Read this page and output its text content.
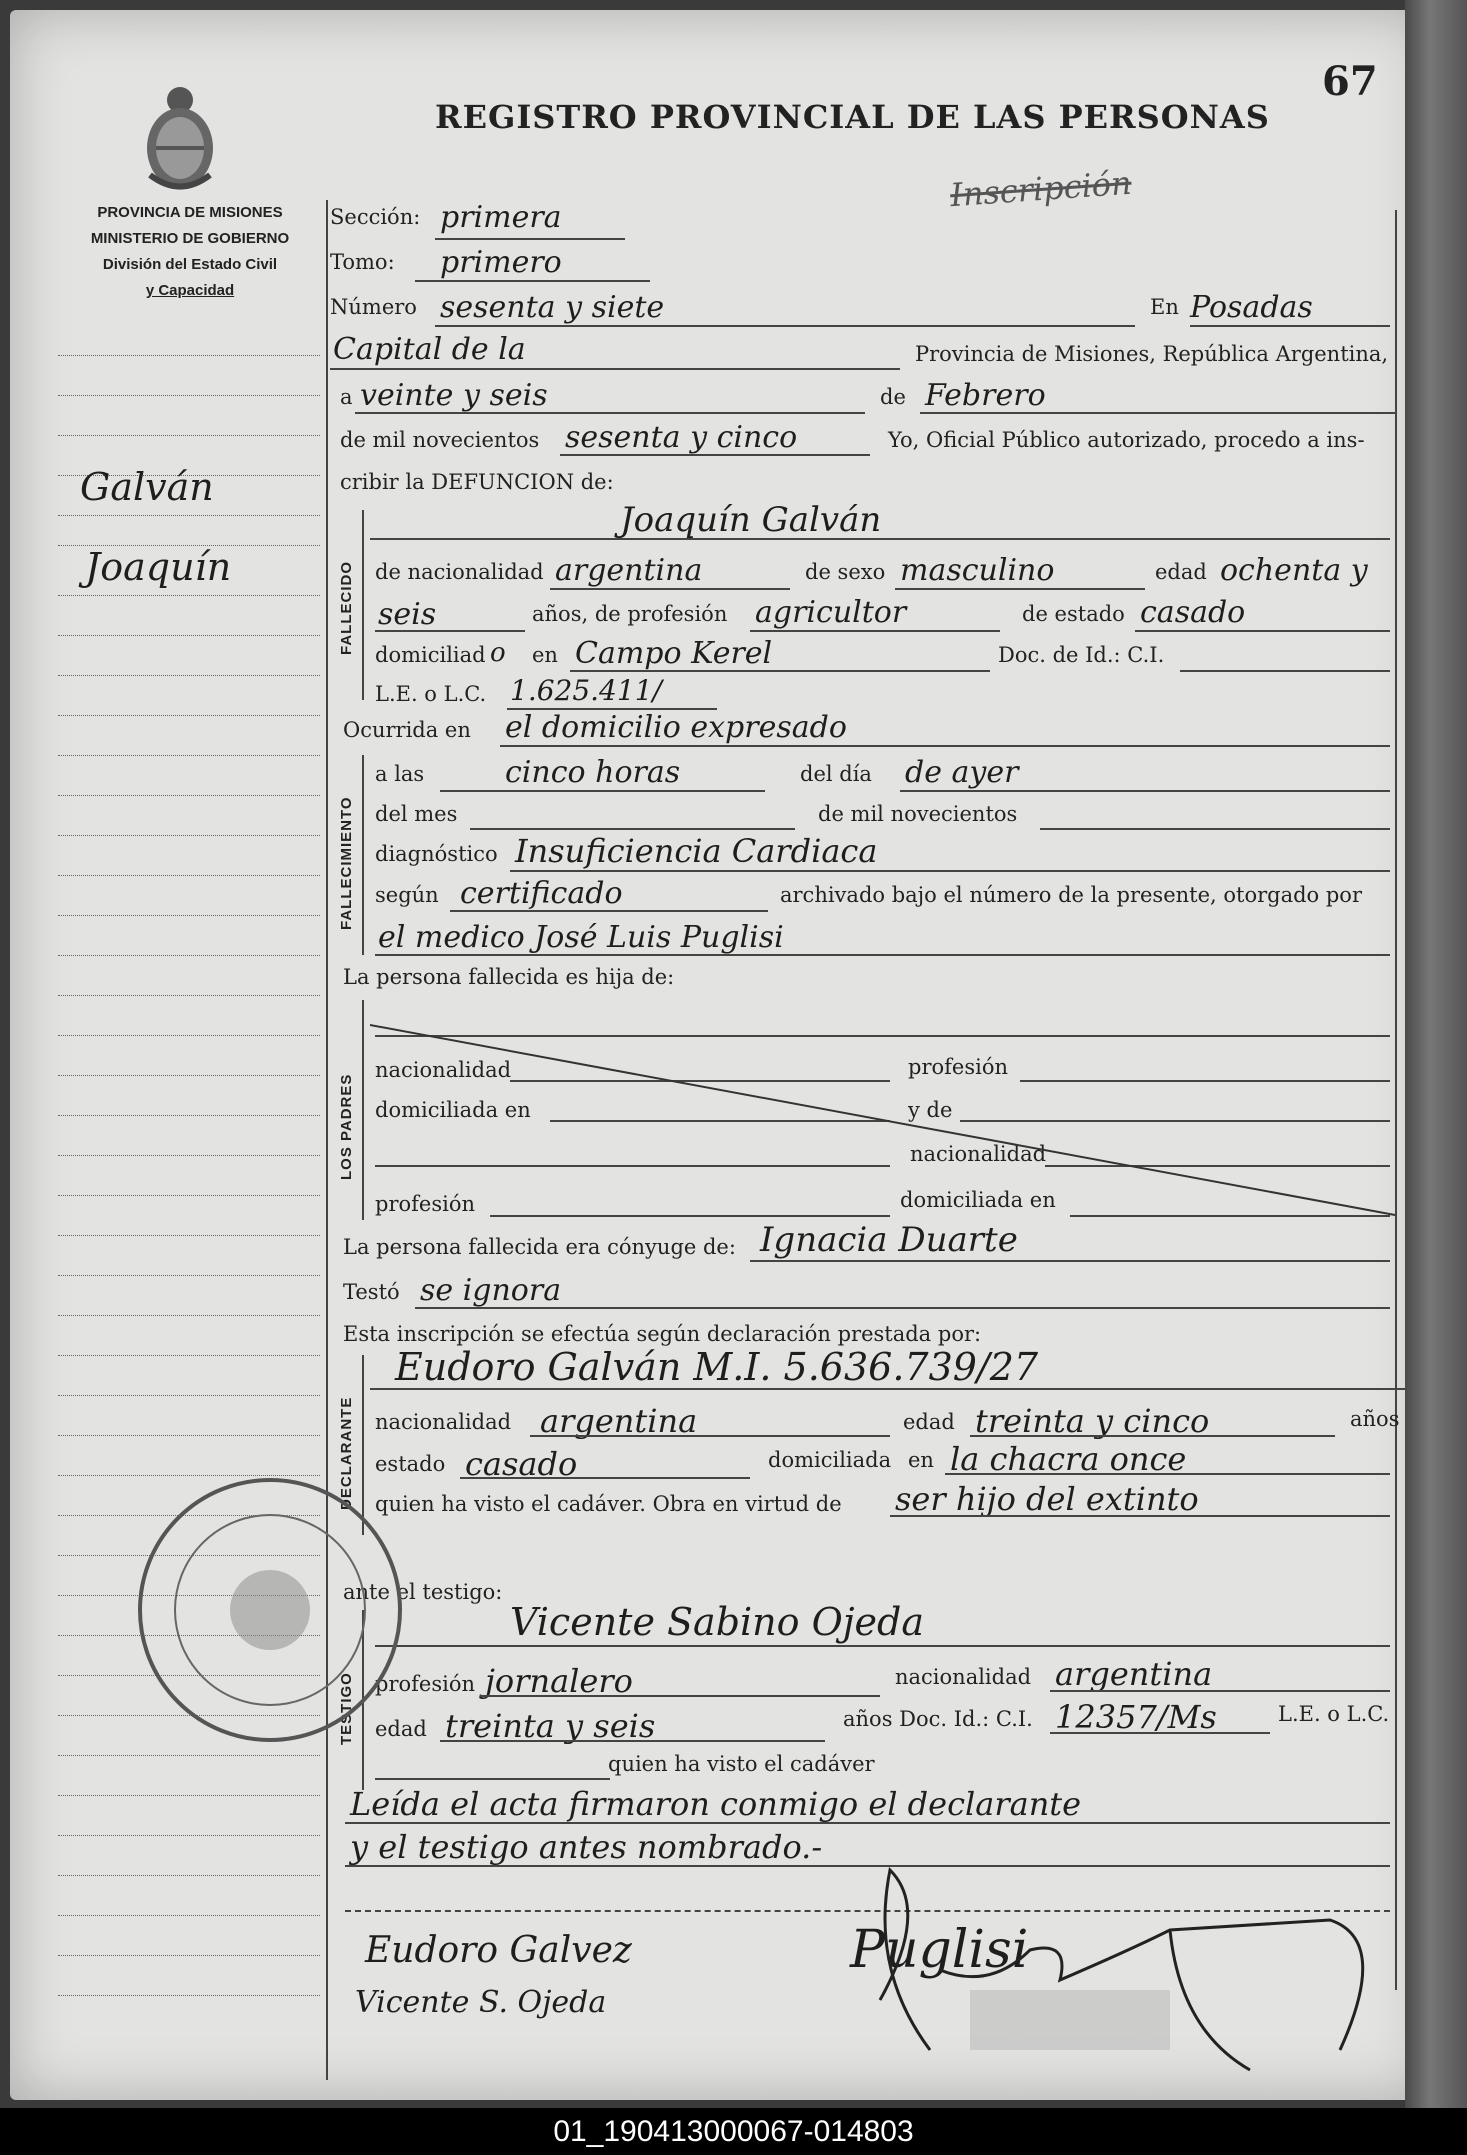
PROVINCIA DE MISIONES
MINISTERIO DE GOBIERNO
División del Estado Civil
y Capacidad
REGISTRO PROVINCIAL DE LAS PERSONAS
67
Inscripción
Galván
Joaquín
Sección: primera
Tomo: primero
Número sesenta y siete	En Posadas
Capital de la	Provincia de Misiones, República Argentina,
a veinte y seis	de Febrero
de mil novecientos sesenta y cinco	Yo, Oficial Público autorizado, procedo a ins-
cribir la DEFUNCION de:
FALLECIDO
Joaquín Galván
de nacionalidad argentina	de sexo masculino	edad ochenta y
seis	años, de profesión agricultor	de estado casado
domiciliad o en Campo Kerel	Doc. de Id.: C.I.
L.E. o L.C. 1.625.411/
Ocurrida en el domicilio expresado
FALLECIMIENTO
a las	cinco horas	del día de ayer
del mes	de mil novecientos
diagnóstico Insuficiencia Cardiaca
según certificado	archivado bajo el número de la presente, otorgado por
el medico José Luis Puglisi
La persona fallecida es hija de:
LOS PADRES
nacionalidad	profesión
domiciliada en	y de
nacionalidad
profesión	domiciliada en
La persona fallecida era cónyuge de: Ignacia Duarte
Testó se ignora
Esta inscripción se efectúa según declaración prestada por:
DECLARANTE
Eudoro Galván M.I. 5.636.739/27
nacionalidad argentina	edad treinta y cinco	años
estado casado	domiciliada en la chacra once
quien ha visto el cadáver. Obra en virtud de ser hijo del extinto
ante el testigo:
TESTIGO
Vicente Sabino Ojeda
profesión jornalero	nacionalidad argentina
edad treinta y seis	años Doc. Id.: C.I. 12357/Ms	L.E. o L.C.
quien ha visto el cadáver
Leída el acta firmaron conmigo el declarante
y el testigo antes nombrado.-
Eudoro Galvez
Vicente S. Ojeda
Puglisi
01_190413000067-014803
